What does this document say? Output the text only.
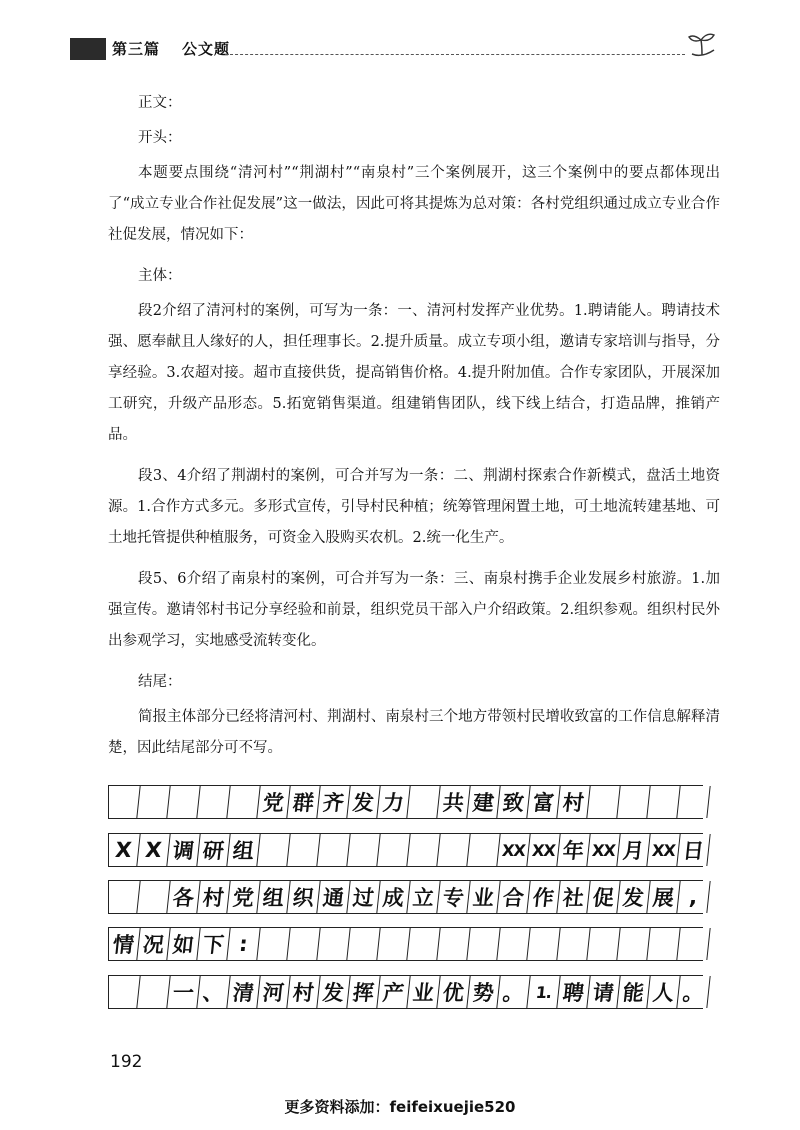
第三篇 公文题

正文：

开头：

本题要点围绕“清河村”“荆湖村”“南泉村”三个案例展开，这三个案例中的要点都体现出了“成立专业合作社促发展”这一做法，因此可将其提炼为总对策：各村党组织通过成立专业合作社促发展，情况如下：

主体：

段2介绍了清河村的案例，可写为一条：一、清河村发挥产业优势。1.聘请能人。聘请技术强、愿奉献且人缘好的人，担任理事长。2.提升质量。成立专项小组，邀请专家培训与指导，分享经验。3.农超对接。超市直接供货，提高销售价格。4.提升附加值。合作专家团队，开展深加工研究，升级产品形态。5.拓宽销售渠道。组建销售团队，线下线上结合，打造品牌，推销产品。

段3、4介绍了荆湖村的案例，可合并写为一条：二、荆湖村探索合作新模式，盘活土地资源。1.合作方式多元。多形式宣传，引导村民种植；统筹管理闲置土地，可土地流转建基地、可土地托管提供种植服务，可资金入股购买农机。2.统一化生产。

段5、6介绍了南泉村的案例，可合并写为一条：三、南泉村携手企业发展乡村旅游。1.加强宣传。邀请邻村书记分享经验和前景，组织党员干部入户介绍政策。2.组织参观。组织村民外出参观学习，实地感受流转变化。

结尾：

简报主体部分已经将清河村、荆湖村、南泉村三个地方带领村民增收致富的工作信息解释清楚，因此结尾部分可不写。

党 群 齐 发 力 共 建 致 富 村
X X 调 研 组	XX XX 年 XX 月 XX 日
各 村 党 组 织 通 过 成 立 专 业 合 作 社 促 发 展 ,
情 况 如 下 :
一 、 清 河 村 发 挥 产 业 优 势 。 1. 聘 请 能 人 。
192
更多资料添加：feifeixuejie520
